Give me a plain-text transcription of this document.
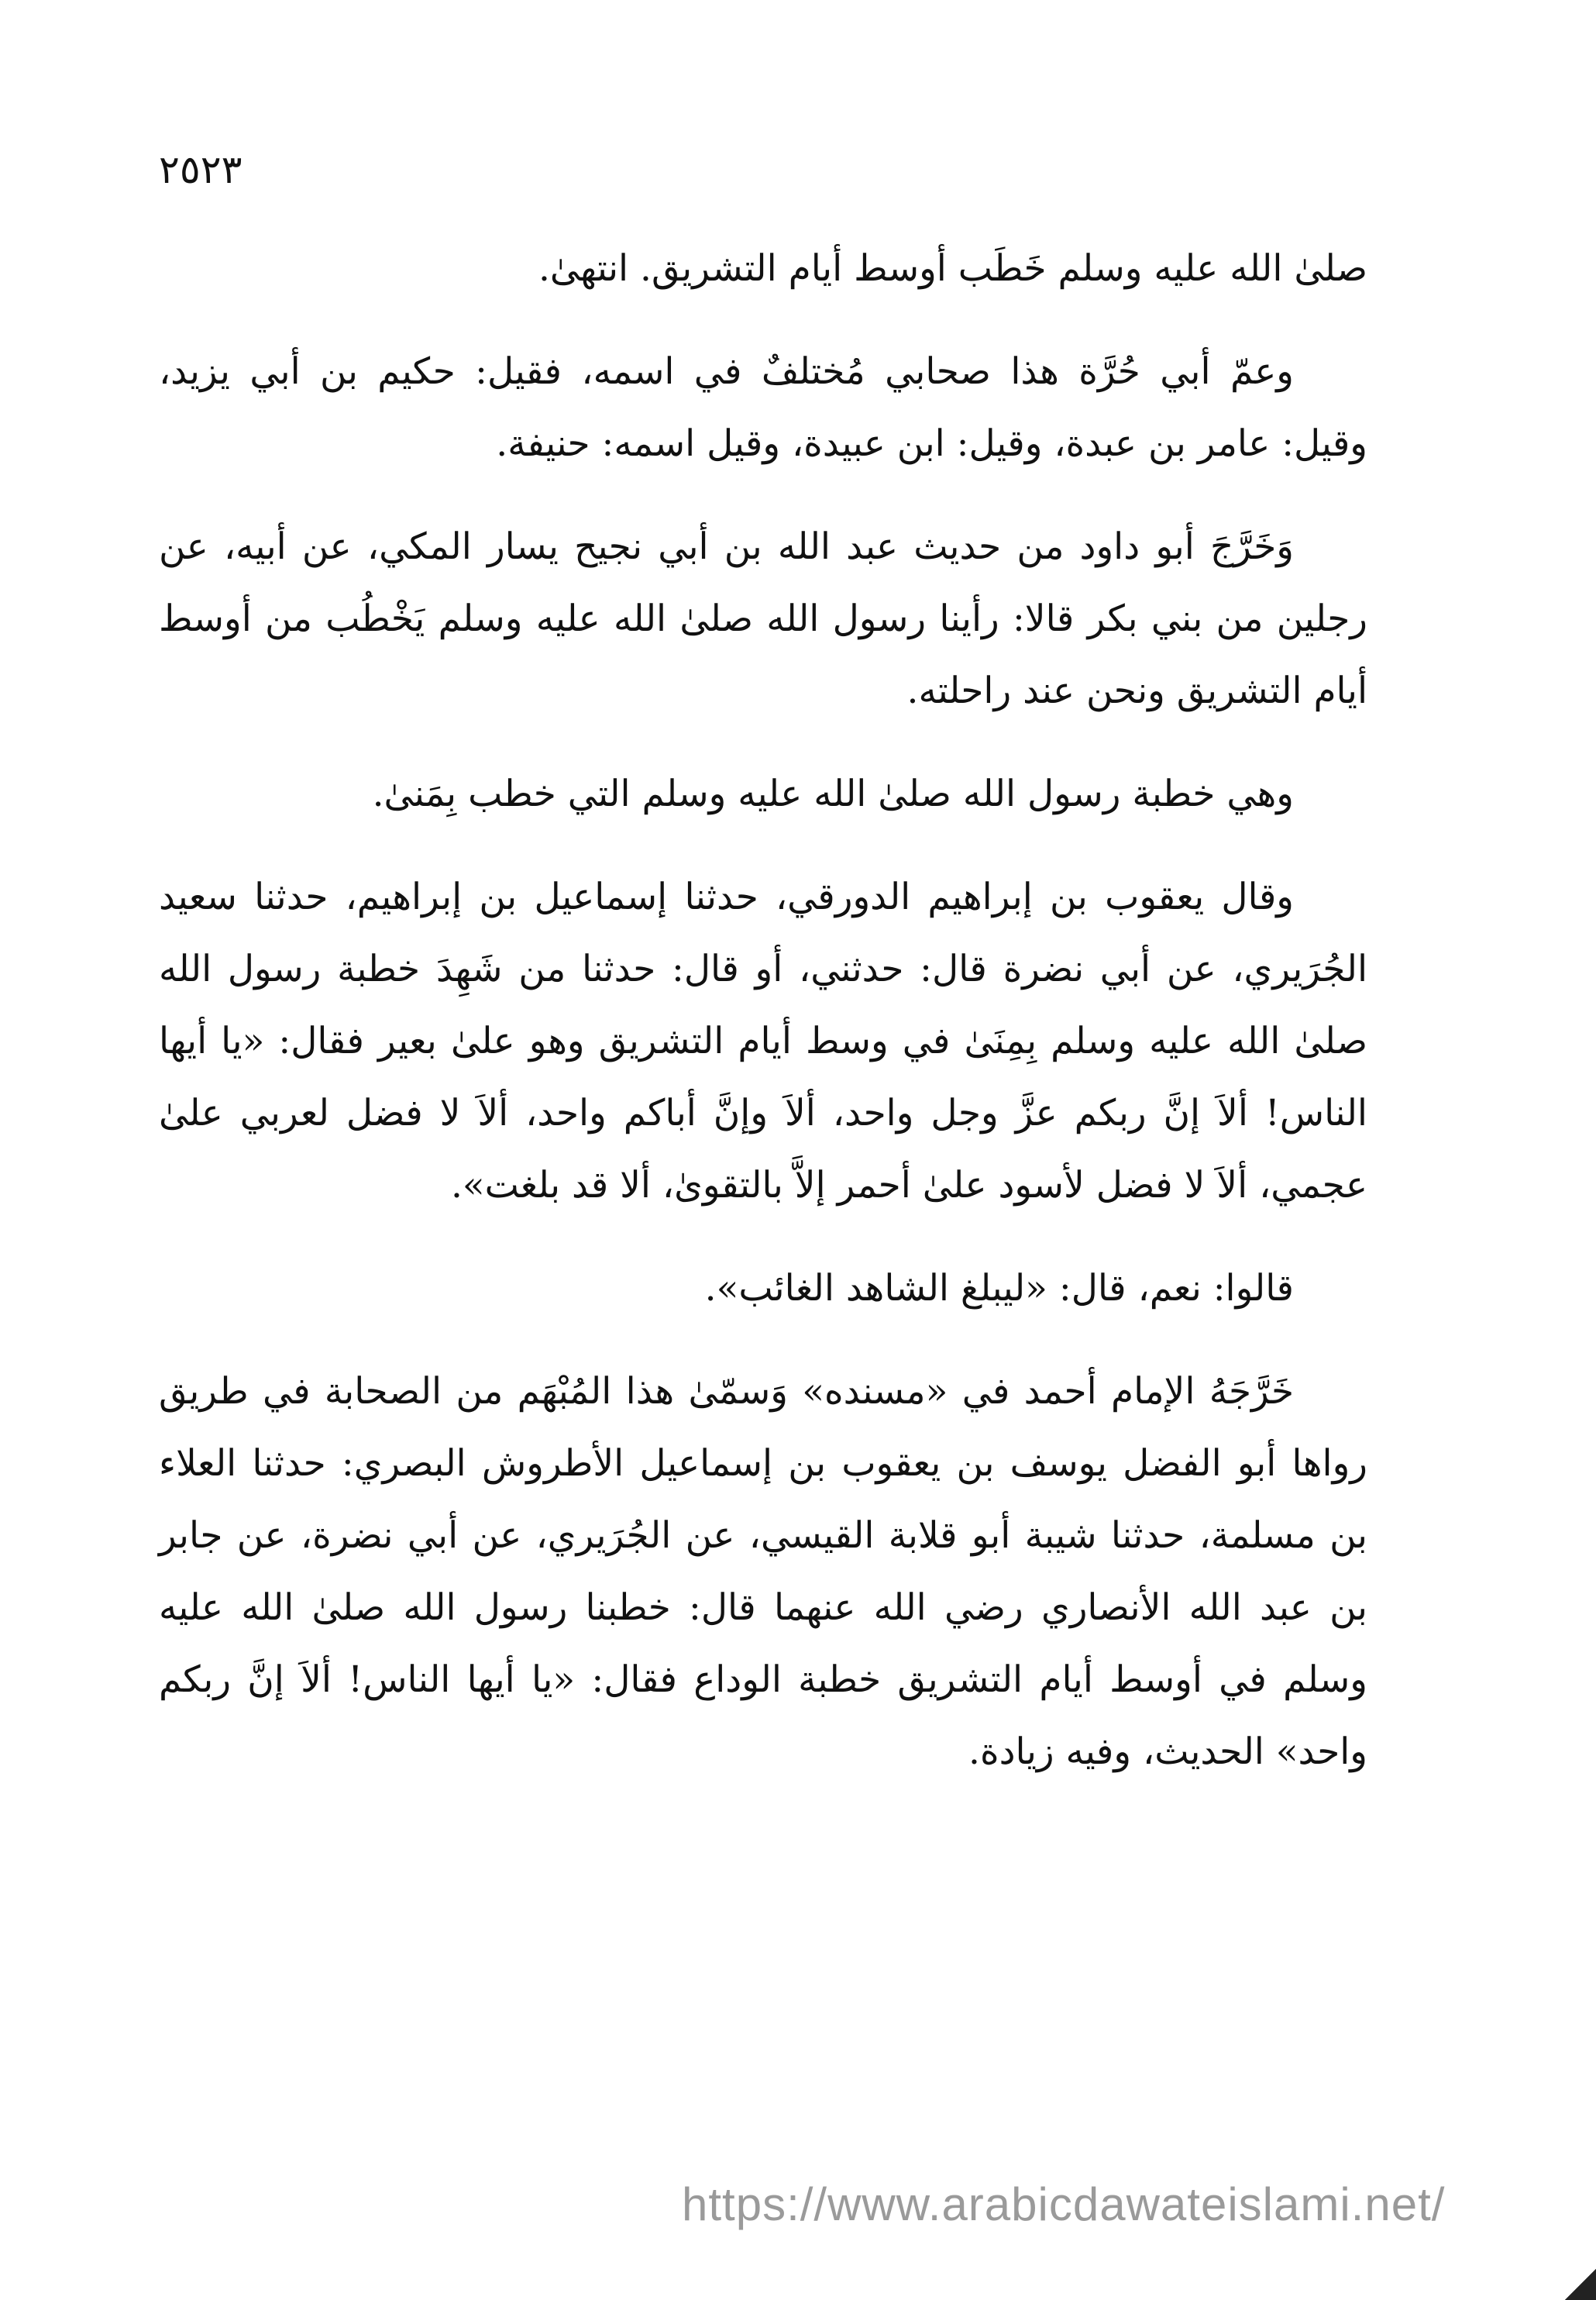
٢٥٢٣

صلىٰ الله عليه وسلم خَطَب أوسط أيام التشريق. انتهىٰ.

وعمّ أبي حُرَّة هذا صحابي مُختلفٌ في اسمه، فقيل: حكيم بن أبي يزيد، وقيل: عامر بن عبدة، وقيل: ابن عبيدة، وقيل اسمه: حنيفة.

وَخَرَّجَ أبو داود من حديث عبد الله بن أبي نجيح يسار المكي، عن أبيه، عن رجلين من بني بكر قالا: رأينا رسول الله صلىٰ الله عليه وسلم يَخْطُب من أوسط أيام التشريق ونحن عند راحلته.

وهي خطبة رسول الله صلىٰ الله عليه وسلم التي خطب بِمَنىٰ.

وقال يعقوب بن إبراهيم الدورقي، حدثنا إسماعيل بن إبراهيم، حدثنا سعيد الجُرَيري، عن أبي نضرة قال: حدثني، أو قال: حدثنا من شَهِدَ خطبة رسول الله صلىٰ الله عليه وسلم بِمِنَىٰ في وسط أيام التشريق وهو علىٰ بعير فقال: «يا أيها الناس! ألاَ إنَّ ربكم عزَّ وجل واحد، ألاَ وإنَّ أباكم واحد، ألاَ لا فضل لعربي علىٰ عجمي، ألاَ لا فضل لأسود علىٰ أحمر إلاَّ بالتقوىٰ، ألا قد بلغت».

قالوا: نعم، قال: «ليبلغ الشاهد الغائب».

خَرَّجَهُ الإمام أحمد في «مسنده» وَسمّىٰ هذا المُبْهَم من الصحابة في طريق رواها أبو الفضل يوسف بن يعقوب بن إسماعيل الأطروش البصري: حدثنا العلاء بن مسلمة، حدثنا شيبة أبو قلابة القيسي، عن الجُرَيري، عن أبي نضرة، عن جابر بن عبد الله الأنصاري رضي الله عنهما قال: خطبنا رسول الله صلىٰ الله عليه وسلم في أوسط أيام التشريق خطبة الوداع فقال: «يا أيها الناس! ألاَ إنَّ ربكم واحد» الحديث، وفيه زيادة.

https://www.arabicdawateislami.net/
